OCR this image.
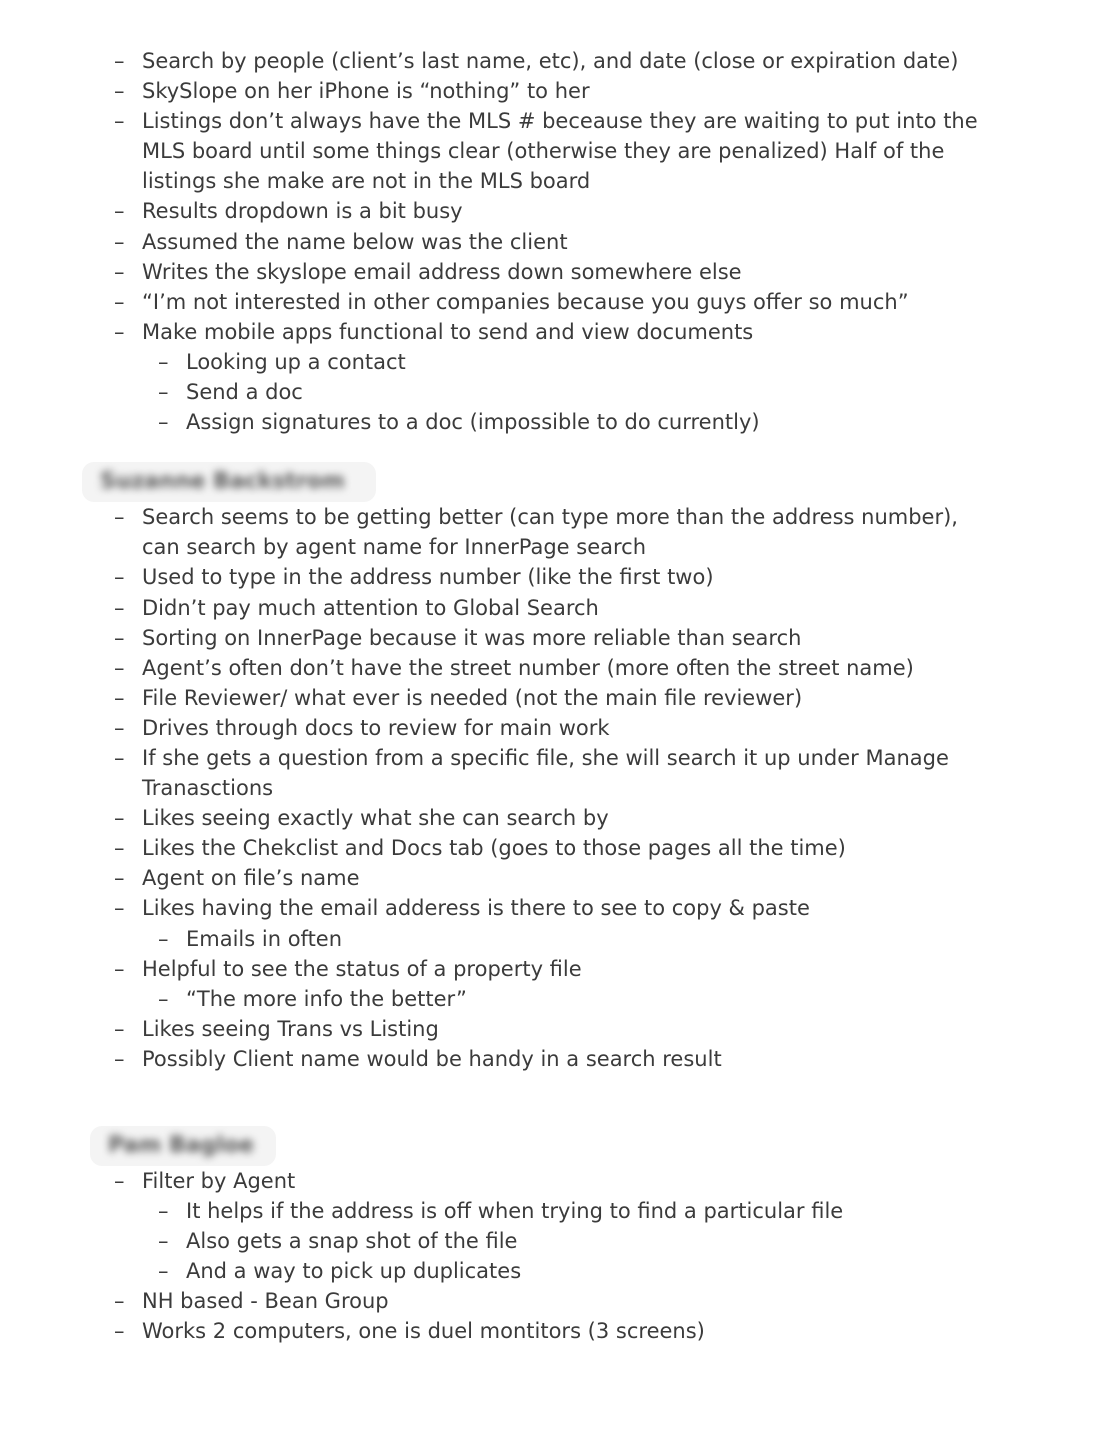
– Search by people (client’s last name, etc), and date (close or expiration date)
– SkySlope on her iPhone is “nothing” to her
– Listings don’t always have the MLS # beceause they are waiting to put into the MLS board until some things clear (otherwise they are penalized) Half of the listings she make are not in the MLS board
– Results dropdown is a bit busy
– Assumed the name below was the client
– Writes the skyslope email address down somewhere else
– “I’m not interested in other companies because you guys offer so much”
– Make mobile apps functional to send and view documents
– Looking up a contact
– Send a doc
– Assign signatures to a doc (impossible to do currently)
Suzanne Backstrom
– Search seems to be getting better (can type more than the address number), can search by agent name for InnerPage search
– Used to type in the address number (like the first two)
– Didn’t pay much attention to Global Search
– Sorting on InnerPage because it was more reliable than search
– Agent’s often don’t have the street number (more often the street name)
– File Reviewer/ what ever is needed (not the main file reviewer)
– Drives through docs to review for main work
– If she gets a question from a specific file, she will search it up under Manage Tranasctions
– Likes seeing exactly what she can search by
– Likes the Chekclist and Docs tab (goes to those pages all the time)
– Agent on file’s name
– Likes having the email adderess is there to see to copy & paste
– Emails in often
– Helpful to see the status of a property file
– “The more info the better”
– Likes seeing Trans vs Listing
– Possibly Client name would be handy in a search result
Pam Bagloe
– Filter by Agent
– It helps if the address is off when trying to find a particular file
– Also gets a snap shot of the file
– And a way to pick up duplicates
– NH based - Bean Group
– Works 2 computers, one is duel montitors (3 screens)
